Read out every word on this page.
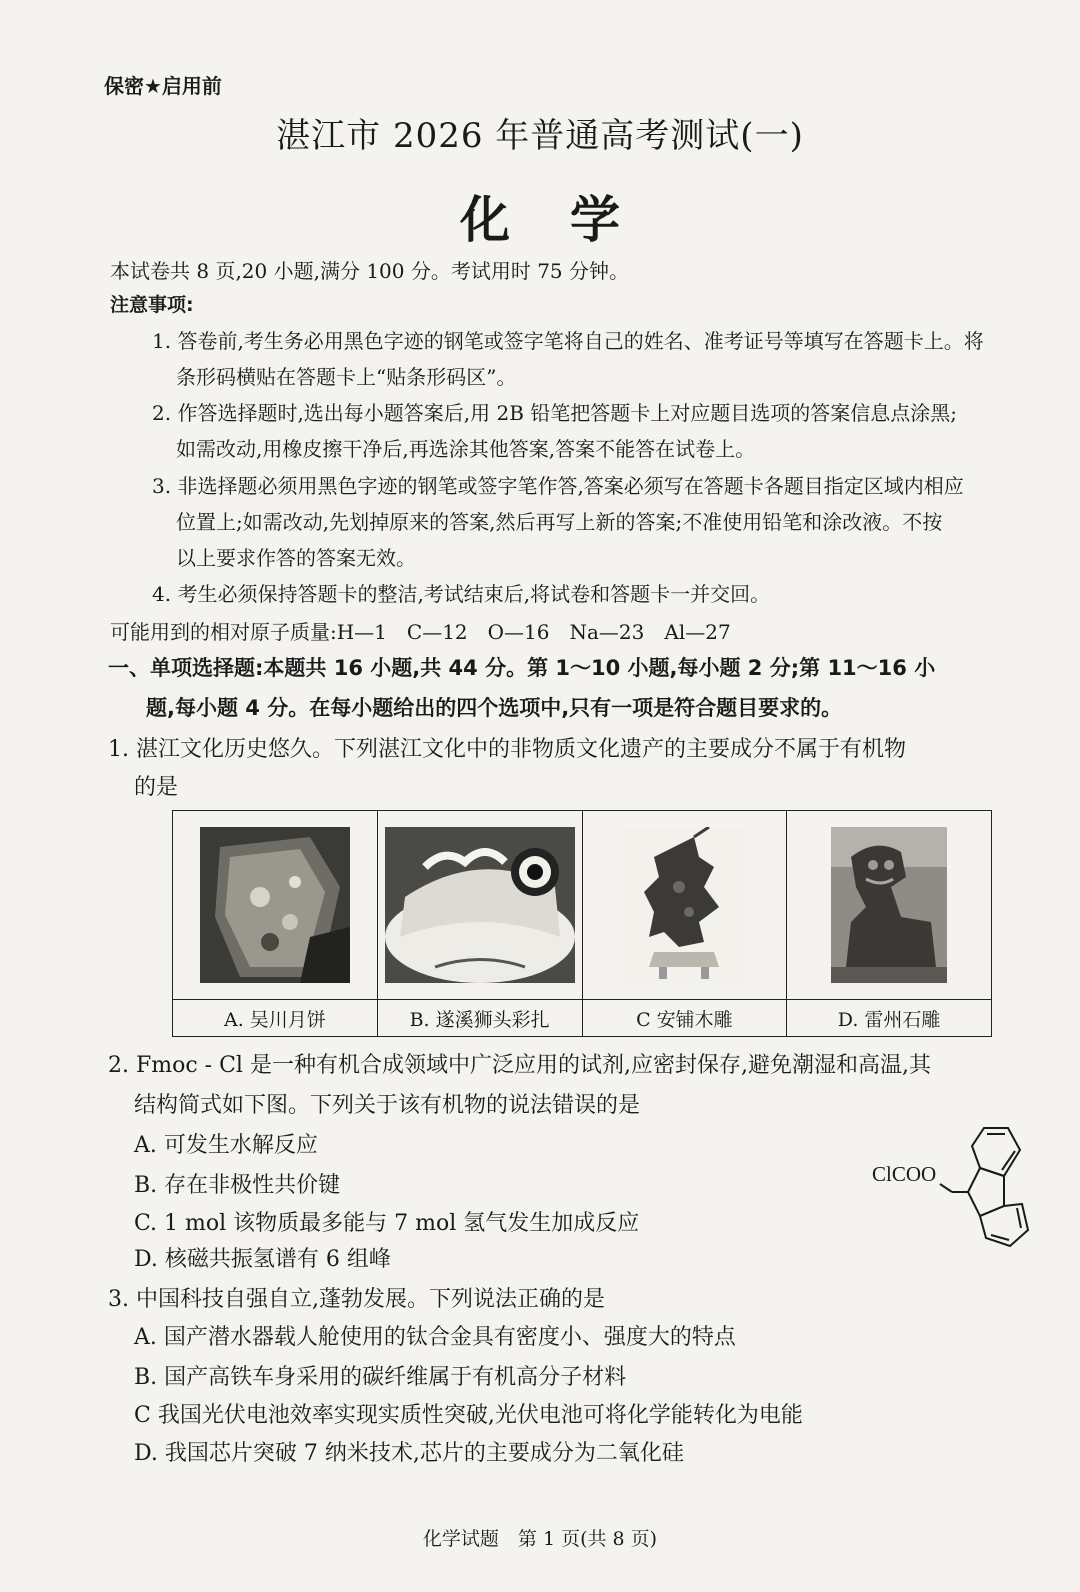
保密★启用前
湛江市 2026 年普通高考测试(一)
化学
本试卷共 8 页,20 小题,满分 100 分。考试用时 75 分钟。
注意事项:
1. 答卷前,考生务必用黑色字迹的钢笔或签字笔将自己的姓名、准考证号等填写在答题卡上。将
条形码横贴在答题卡上“贴条形码区”。
2. 作答选择题时,选出每小题答案后,用 2B 铅笔把答题卡上对应题目选项的答案信息点涂黑;
如需改动,用橡皮擦干净后,再选涂其他答案,答案不能答在试卷上。
3. 非选择题必须用黑色字迹的钢笔或签字笔作答,答案必须写在答题卡各题目指定区域内相应
位置上;如需改动,先划掉原来的答案,然后再写上新的答案;不准使用铅笔和涂改液。不按
以上要求作答的答案无效。
4. 考生必须保持答题卡的整洁,考试结束后,将试卷和答题卡一并交回。
可能用到的相对原子质量:H—1　C—12　O—16　Na—23　Al—27
一、单项选择题:本题共 16 小题,共 44 分。第 1～10 小题,每小题 2 分;第 11～16 小
题,每小题 4 分。在每小题给出的四个选项中,只有一项是符合题目要求的。
1. 湛江文化历史悠久。下列湛江文化中的非物质文化遗产的主要成分不属于有机物
的是

A. 吴川月饼	B. 遂溪狮头彩扎	C 安铺木雕	D. 雷州石雕
2. Fmoc - Cl 是一种有机合成领域中广泛应用的试剂,应密封保存,避免潮湿和高温,其
结构简式如下图。下列关于该有机物的说法错误的是
A. 可发生水解反应
B. 存在非极性共价键
C. 1 mol 该物质最多能与 7 mol 氢气发生加成反应
D. 核磁共振氢谱有 6 组峰
ClCOO
3. 中国科技自强自立,蓬勃发展。下列说法正确的是
A. 国产潜水器载人舱使用的钛合金具有密度小、强度大的特点
B. 国产高铁车身采用的碳纤维属于有机高分子材料
C 我国光伏电池效率实现实质性突破,光伏电池可将化学能转化为电能
D. 我国芯片突破 7 纳米技术,芯片的主要成分为二氧化硅
化学试题　第 1 页(共 8 页)
